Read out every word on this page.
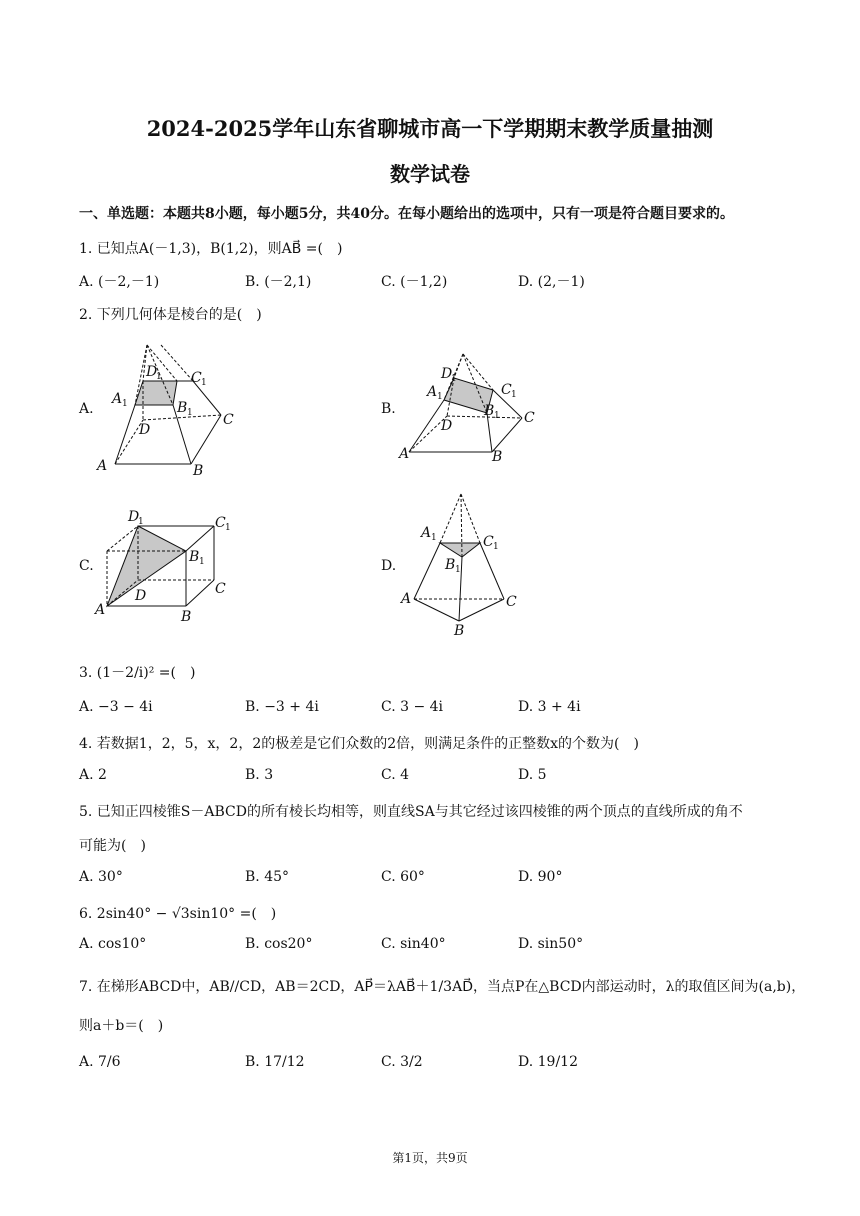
2024-2025学年山东省聊城市高一下学期期末教学质量抽测
数学试卷
一、单选题：本题共8小题，每小题5分，共40分。在每小题给出的选项中，只有一项是符合题目要求的。
1. 已知点A(－1,3)，B(1,2)，则AB⃗ =(　)
A. (－2,－1)	B. (－2,1)	C. (－1,2)	D. (2,－1)
2. 下列几何体是棱台的是(　)
A.	B.
C.	D.
D
1 C 1
A 1	B 1
D
C
A	B
D
1
C 1
A 1
B 1
D	C
A	B
D
1	C 1
B 1
D	C
A	B
A 1	C 1
B 1
A	C
B
3. (1－2/i)² =(　)
A. −3 − 4i	B. −3 + 4i	C. 3 − 4i	D. 3 + 4i
4. 若数据1，2，5，x，2，2的极差是它们众数的2倍，则满足条件的正整数x的个数为(　)
A. 2	B. 3	C. 4	D. 5
5. 已知正四棱锥S－ABCD的所有棱长均相等，则直线SA与其它经过该四棱锥的两个顶点的直线所成的角不
可能为(　)
A. 30°	B. 45°	C. 60°	D. 90°
6. 2sin40° − √3sin10° =(　)
A. cos10°	B. cos20°	C. sin40°	D. sin50°
7. 在梯形ABCD中，AB//CD，AB＝2CD，AP⃗＝λAB⃗＋1/3AD⃗，当点P在△BCD内部运动时，λ的取值区间为(a,b)，
则a＋b＝(　)
A. 7/6	B. 17/12	C. 3/2	D. 19/12
第1页，共9页
